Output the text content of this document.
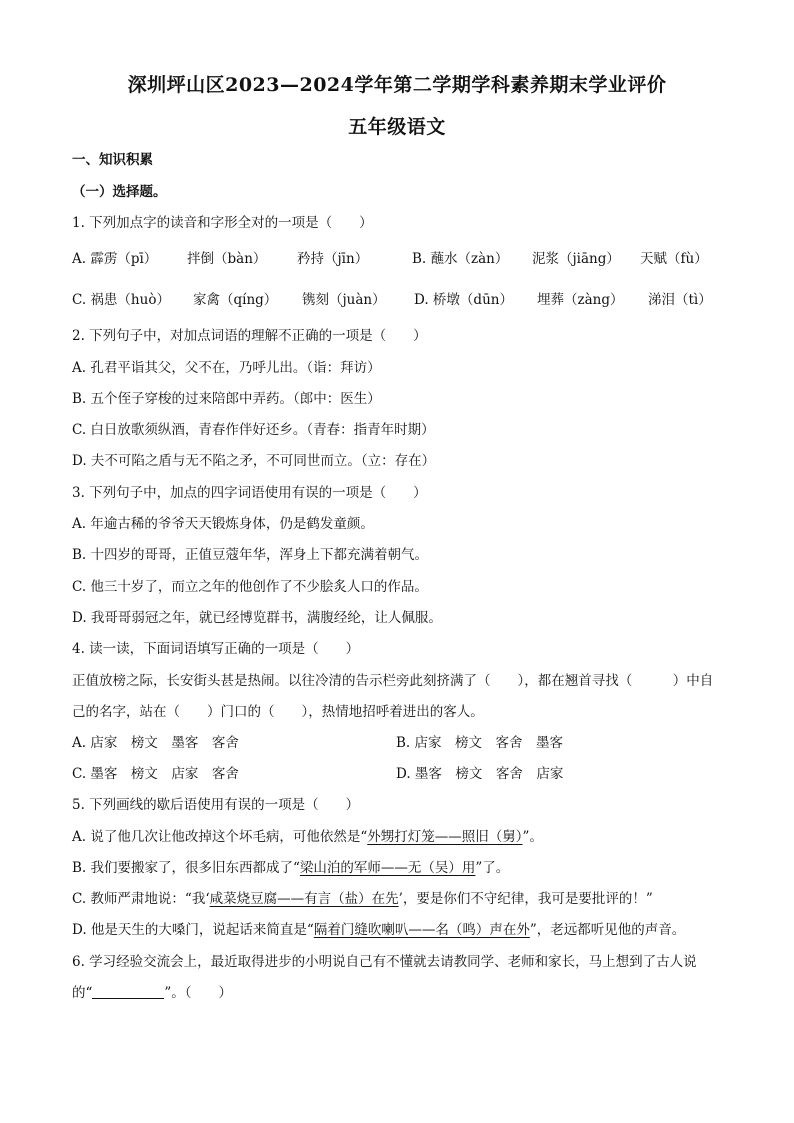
深圳坪山区2023—2024学年第二学期学科素养期末学业评价
五年级语文
一、知识积累
（一）选择题。
1. 下列加点字的读音和字形全对的一项是（　　）
A. 霹雳（pī） 拌倒（bàn） 矜持（jīn）	B. 蘸水（zàn） 泥浆（jiāng） 天赋（fù）
C. 祸患（huò） 家禽（qíng） 镌刻（juàn） D. 桥墩（dūn） 埋葬（zàng） 涕泪（tì）
2. 下列句子中，对加点词语的理解不正确的一项是（　　）
A. 孔君平诣其父，父不在，乃呼儿出。（诣：拜访）
B. 五个侄子穿梭的过来陪郎中弄药。（郎中：医生）
C. 白日放歌须纵酒，青春作伴好还乡。（青春：指青年时期）
D. 夫不可陷之盾与无不陷之矛，不可同世而立。（立：存在）
3. 下列句子中，加点的四字词语使用有误的一项是（　　）
A. 年逾古稀的爷爷天天锻炼身体，仍是鹤发童颜。
B. 十四岁的哥哥，正值豆蔻年华，浑身上下都充满着朝气。
C. 他三十岁了，而立之年的他创作了不少脍炙人口的作品。
D. 我哥哥弱冠之年，就已经博览群书，满腹经纶，让人佩服。
4. 读一读，下面词语填写正确的一项是（　　）
正值放榜之际，长安街头甚是热闹。以往冷清的告示栏旁此刻挤满了（　　），都在翘首寻找（　　　）中自
己的名字，站在（　　）门口的（　　），热情地招呼着进出的客人。
A. 店家　榜文　墨客　客舍	B. 店家　榜文　客舍　墨客
C. 墨客　榜文　店家　客舍	D. 墨客　榜文　客舍　店家
5. 下列画线的歇后语使用有误的一项是（　　）
A. 说了他几次让他改掉这个坏毛病，可他依然是“外甥打灯笼——照旧（舅）”。
B. 我们要搬家了，很多旧东西都成了“梁山泊的军师——无（吴）用”了。
C. 教师严肃地说：“我‘咸菜烧豆腐——有言（盐）在先’，要是你们不守纪律，我可是要批评的！”
D. 他是天生的大嗓门，说起话来简直是“隔着门缝吹喇叭——名（鸣）声在外”，老远都听见他的声音。
6. 学习经验交流会上，最近取得进步的小明说自己有不懂就去请教同学、老师和家长，马上想到了古人说
的“	”。（　　）
